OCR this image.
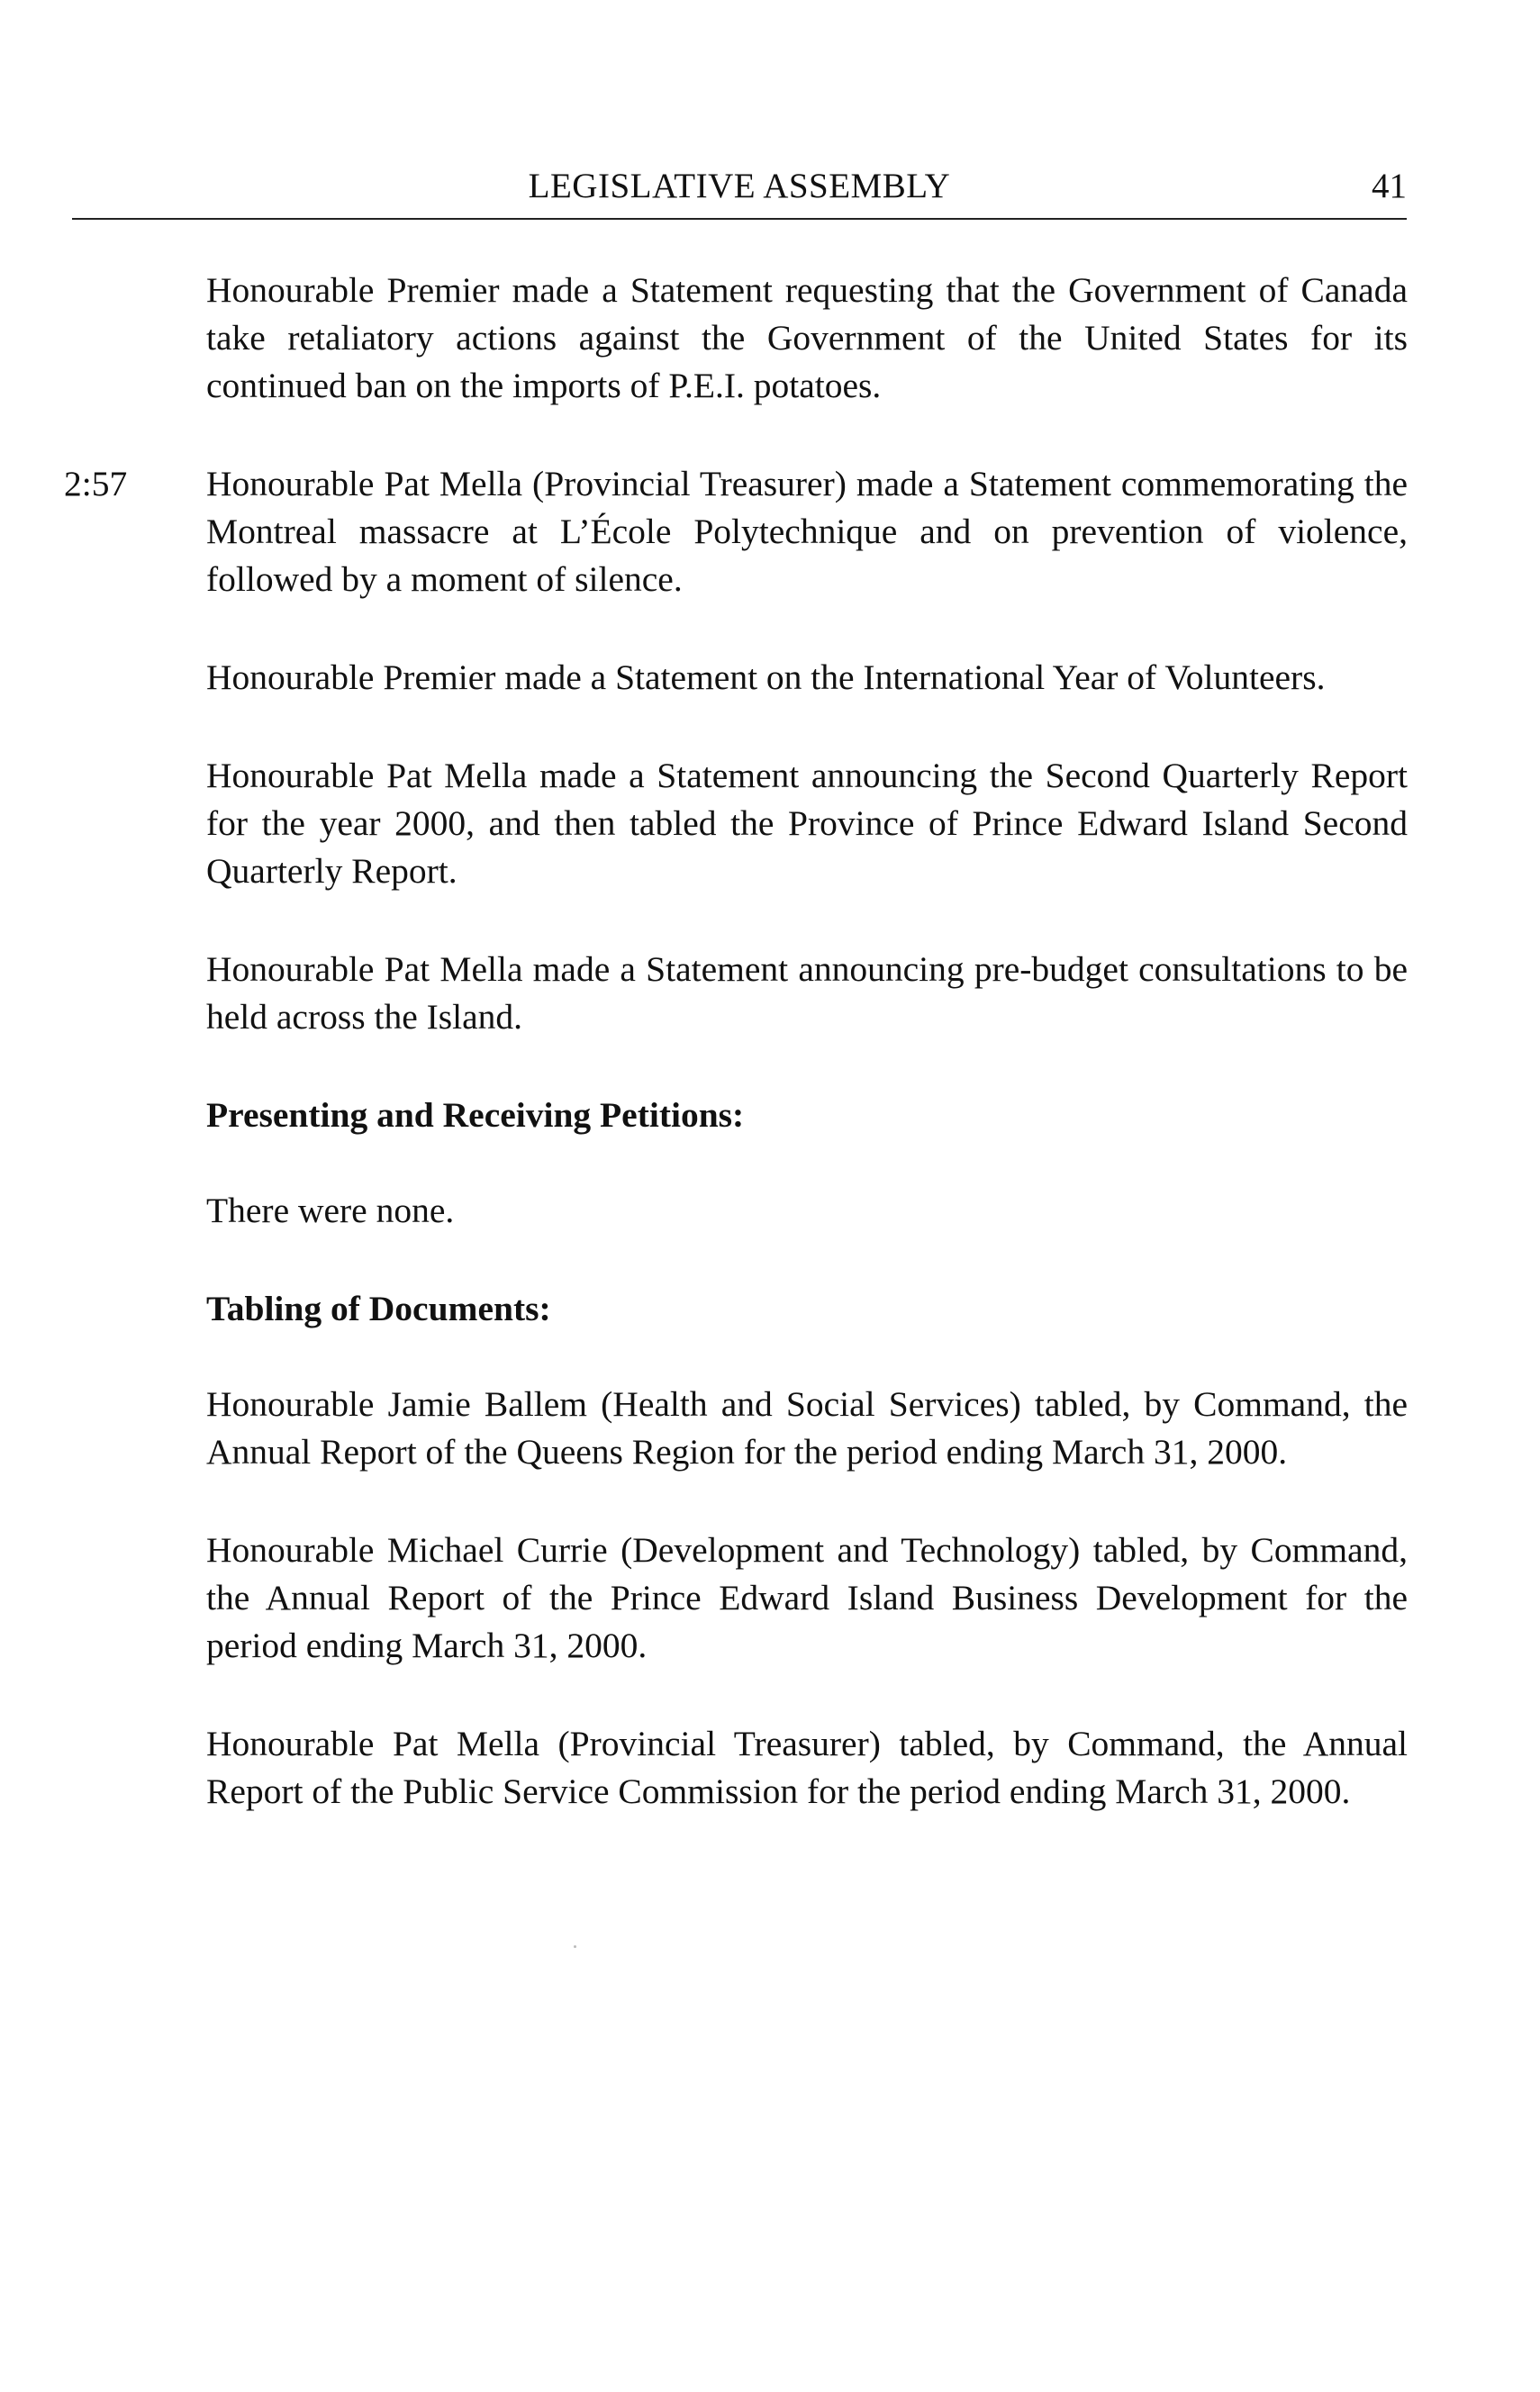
LEGISLATIVE ASSEMBLY	41

Honourable Premier made a Statement requesting that the Government of Canada take retaliatory actions against the Government of the United States for its continued ban on the imports of P.E.I. potatoes.

2:57 Honourable Pat Mella (Provincial Treasurer) made a Statement commemorating the Montreal massacre at L’École Polytechnique and on prevention of violence, followed by a moment of silence.

Honourable Premier made a Statement on the International Year of Volunteers.

Honourable Pat Mella made a Statement announcing the Second Quarterly Report for the year 2000, and then tabled the Province of Prince Edward Island Second Quarterly Report.

Honourable Pat Mella made a Statement announcing pre-budget consultations to be held across the Island.

Presenting and Receiving Petitions:

There were none.

Tabling of Documents:

Honourable Jamie Ballem (Health and Social Services) tabled, by Command, the Annual Report of the Queens Region for the period ending March 31, 2000.

Honourable Michael Currie (Development and Technology) tabled, by Command, the Annual Report of the Prince Edward Island Business Development for the period ending March 31, 2000.

Honourable Pat Mella (Provincial Treasurer) tabled, by Command, the Annual Report of the Public Service Commission for the period ending March 31, 2000.
